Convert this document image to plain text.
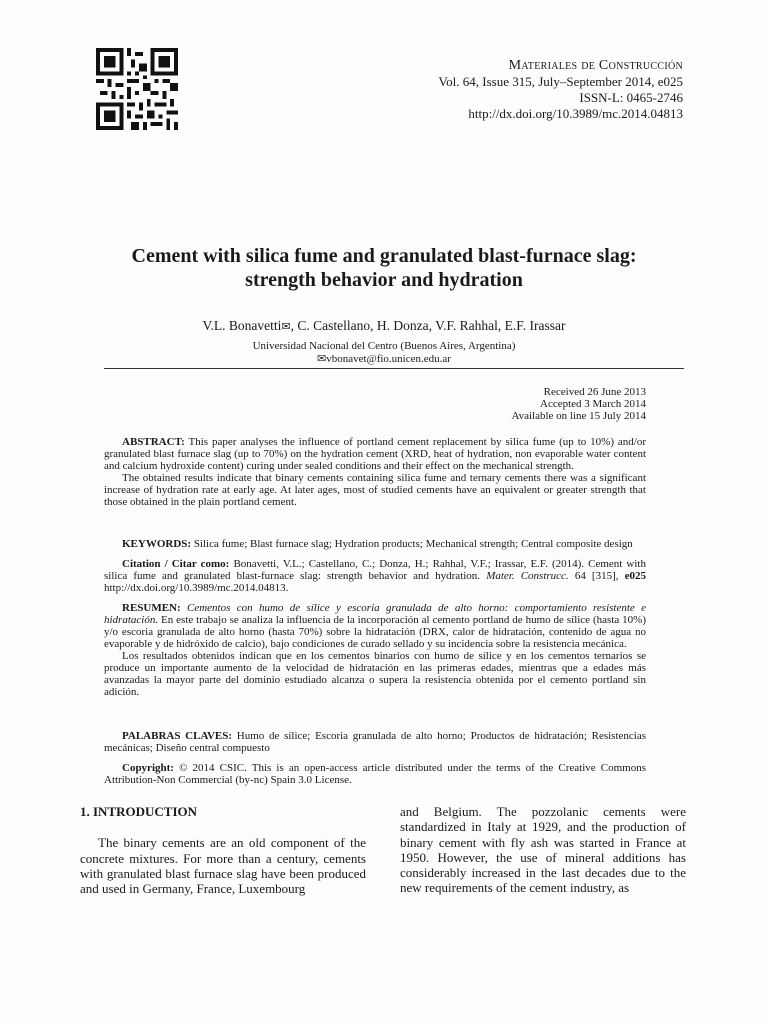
Materiales de Construcción
Vol. 64, Issue 315, July–September 2014, e025
ISSN-L: 0465-2746
http://dx.doi.org/10.3989/mc.2014.04813
Cement with silica fume and granulated blast-furnace slag:
strength behavior and hydration
V.L. Bonavetti✉, C. Castellano, H. Donza, V.F. Rahhal, E.F. Irassar
Universidad Nacional del Centro (Buenos Aires, Argentina)
✉vbonavet@fio.unicen.edu.ar
Received 26 June 2013
Accepted 3 March 2014
Available on line 15 July 2014

ABSTRACT: This paper analyses the influence of portland cement replacement by silica fume (up to 10%) and/or granulated blast furnace slag (up to 70%) on the hydration cement (XRD, heat of hydration, non evaporable water content and calcium hydroxide content) curing under sealed conditions and their effect on the mechanical strength.

The obtained results indicate that binary cements containing silica fume and ternary cements there was a significant increase of hydration rate at early age. At later ages, most of studied cements have an equivalent or greater strength that those obtained in the plain portland cement.

KEYWORDS: Silica fume; Blast furnace slag; Hydration products; Mechanical strength; Central composite design

Citation / Citar como: Bonavetti, V.L.; Castellano, C.; Donza, H.; Rahhal, V.F.; Irassar, E.F. (2014). Cement with silica fume and granulated blast-furnace slag: strength behavior and hydration. Mater. Construcc. 64 [315], e025 http://dx.doi.org/10.3989/mc.2014.04813.

RESUMEN: Cementos con humo de sílice y escoria granulada de alto horno: comportamiento resistente e hidratación. En este trabajo se analiza la influencia de la incorporación al cemento portland de humo de sílice (hasta 10%) y/o escoria granulada de alto horno (hasta 70%) sobre la hidratación (DRX, calor de hidratación, contenido de agua no evaporable y de hidróxido de calcio), bajo condiciones de curado sellado y su incidencia sobre la resistencia mecánica.

Los resultados obtenidos indican que en los cementos binarios con humo de sílice y en los cementos ternarios se produce un importante aumento de la velocidad de hidratación en las primeras edades, mientras que a edades más avanzadas la mayor parte del dominio estudiado alcanza o supera la resistencia obtenida por el cemento portland sin adición.

PALABRAS CLAVES: Humo de sílice; Escoria granulada de alto horno; Productos de hidratación; Resistencias mecánicas; Diseño central compuesto

Copyright: © 2014 CSIC. This is an open-access article distributed under the terms of the Creative Commons Attribution-Non Commercial (by-nc) Spain 3.0 License.

1. INTRODUCTION

The binary cements are an old component of the concrete mixtures. For more than a century, cements with granulated blast furnace slag have been produced and used in Germany, France, Luxembourg

and Belgium. The pozzolanic cements were standardized in Italy at 1929, and the production of binary cement with fly ash was started in France at 1950. However, the use of mineral additions has considerably increased in the last decades due to the new requirements of the cement industry, as
